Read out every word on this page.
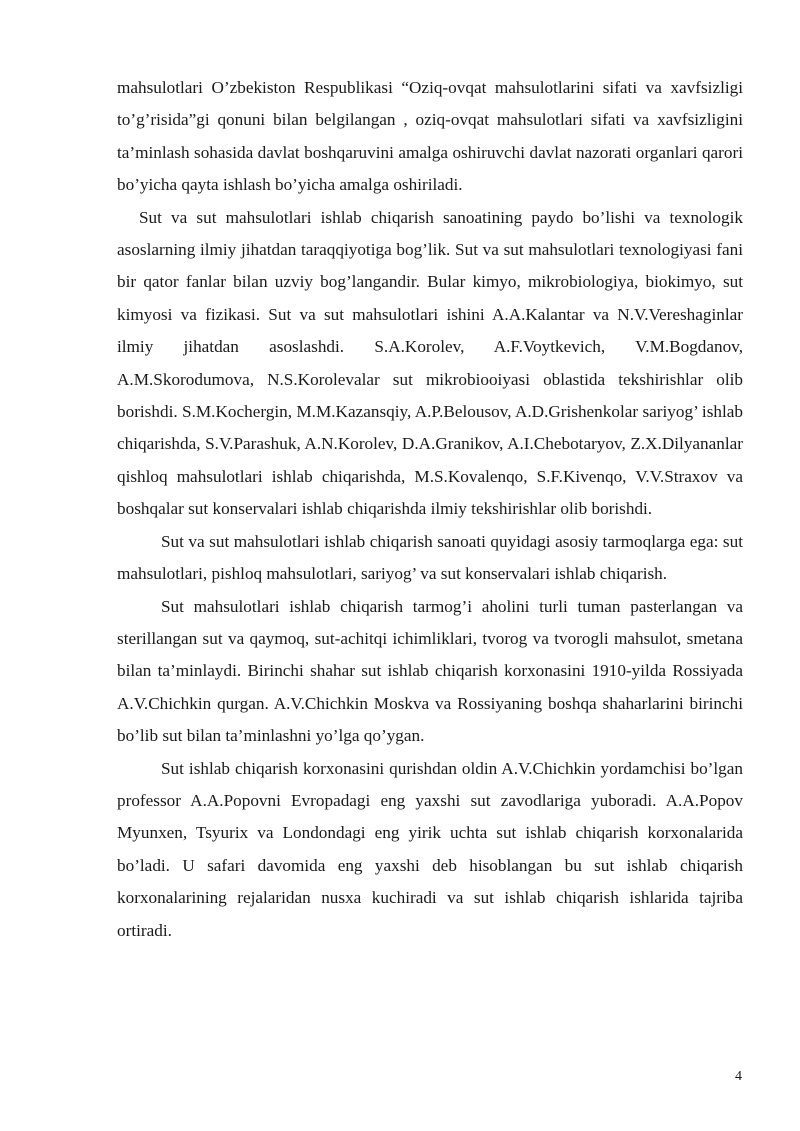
mahsulotlari O’zbekiston Respublikasi “Oziq-ovqat mahsulotlarini sifati va xavfsizligi to’g’risida”gi qonuni bilan belgilangan , oziq-ovqat mahsulotlari sifati va xavfsizligini ta’minlash sohasida davlat boshqaruvini amalga oshiruvchi davlat nazorati organlari qarori bo’yicha qayta ishlash bo’yicha amalga oshiriladi.

Sut va sut mahsulotlari ishlab chiqarish sanoatining paydo bo’lishi va texnologik asoslarning ilmiy jihatdan taraqqiyotiga bog’lik. Sut va sut mahsulotlari texnologiyasi fani bir qator fanlar bilan uzviy bog’langandir. Bular kimyo, mikrobiologiya, biokimyo, sut kimyosi va fizikasi. Sut va sut mahsulotlari ishini A.A.Kalantar va N.V.Vereshaginlar ilmiy jihatdan asoslashdi. S.A.Korolev, A.F.Voytkevich, V.M.Bogdanov, A.M.Skorodumova, N.S.Korolevalar sut mikrobiooiyasi oblastida tekshirishlar olib borishdi. S.M.Kochergin, M.M.Kazansqiy, A.P.Belousov, A.D.Grishenkolar sariyog’ ishlab chiqarishda, S.V.Parashuk, A.N.Korolev, D.A.Granikov, A.I.Chebotaryov, Z.X.Dilyananlar qishloq mahsulotlari ishlab chiqarishda, M.S.Kovalenqo, S.F.Kivenqo, V.V.Straxov va boshqalar sut konservalari ishlab chiqarishda ilmiy tekshirishlar olib borishdi.

Sut va sut mahsulotlari ishlab chiqarish sanoati quyidagi asosiy tarmoqlarga ega: sut mahsulotlari, pishloq mahsulotlari, sariyog’ va sut konservalari ishlab chiqarish.

Sut mahsulotlari ishlab chiqarish tarmog’i aholini turli tuman pasterlangan va sterillangan sut va qaymoq, sut-achitqi ichimliklari, tvorog va tvorogli mahsulot, smetana bilan ta’minlaydi. Birinchi shahar sut ishlab chiqarish korxonasini 1910-yilda Rossiyada A.V.Chichkin qurgan. A.V.Chichkin Moskva va Rossiyaning boshqa shaharlarini birinchi bo’lib sut bilan ta’minlashni yo’lga qo’ygan.

Sut ishlab chiqarish korxonasini qurishdan oldin A.V.Chichkin yordamchisi bo’lgan professor A.A.Popovni Evropadagi eng yaxshi sut zavodlariga yuboradi. A.A.Popov Myunxen, Tsyurix va Londondagi eng yirik uchta sut ishlab chiqarish korxonalarida bo’ladi. U safari davomida eng yaxshi deb hisoblangan bu sut ishlab chiqarish korxonalarining rejalaridan nusxa kuchiradi va sut ishlab chiqarish ishlarida tajriba ortiradi.

4
